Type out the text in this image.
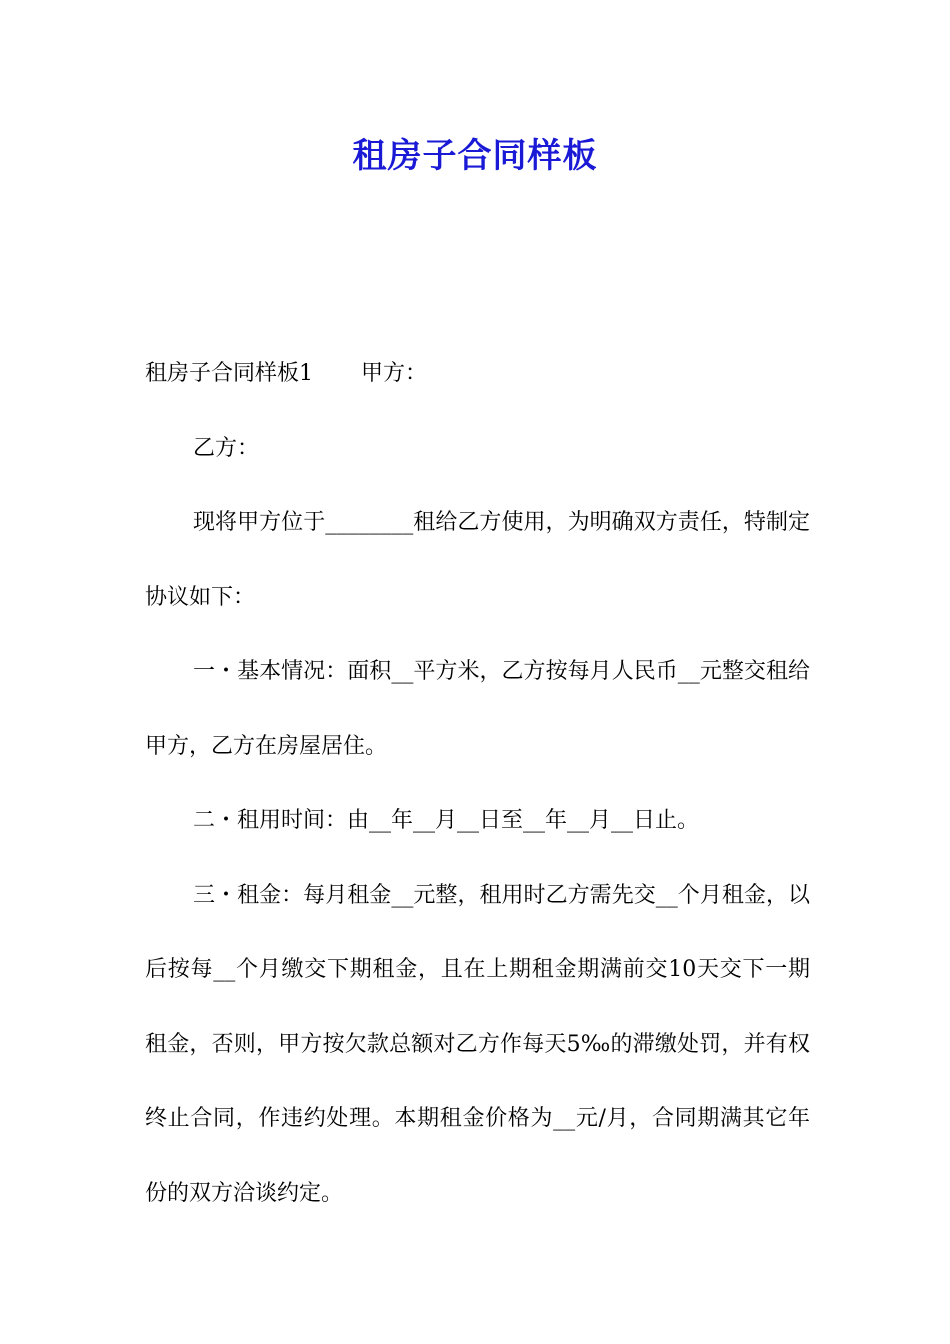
租房子合同样板

租房子合同样板1 甲方：

乙方：

现将甲方位于________租给乙方使用，为明确双方责任，特制定协议如下：

一・基本情况：面积__平方米，乙方按每月人民币__元整交租给甲方，乙方在房屋居住。

二・租用时间：由__年__月__日至__年__月__日止。

三・租金：每月租金__元整，租用时乙方需先交__个月租金，以后按每__个月缴交下期租金，且在上期租金期满前交10天交下一期租金，否则，甲方按欠款总额对乙方作每天5‰的滞缴处罚，并有权终止合同，作违约处理。本期租金价格为__元/月，合同期满其它年份的双方洽谈约定。
